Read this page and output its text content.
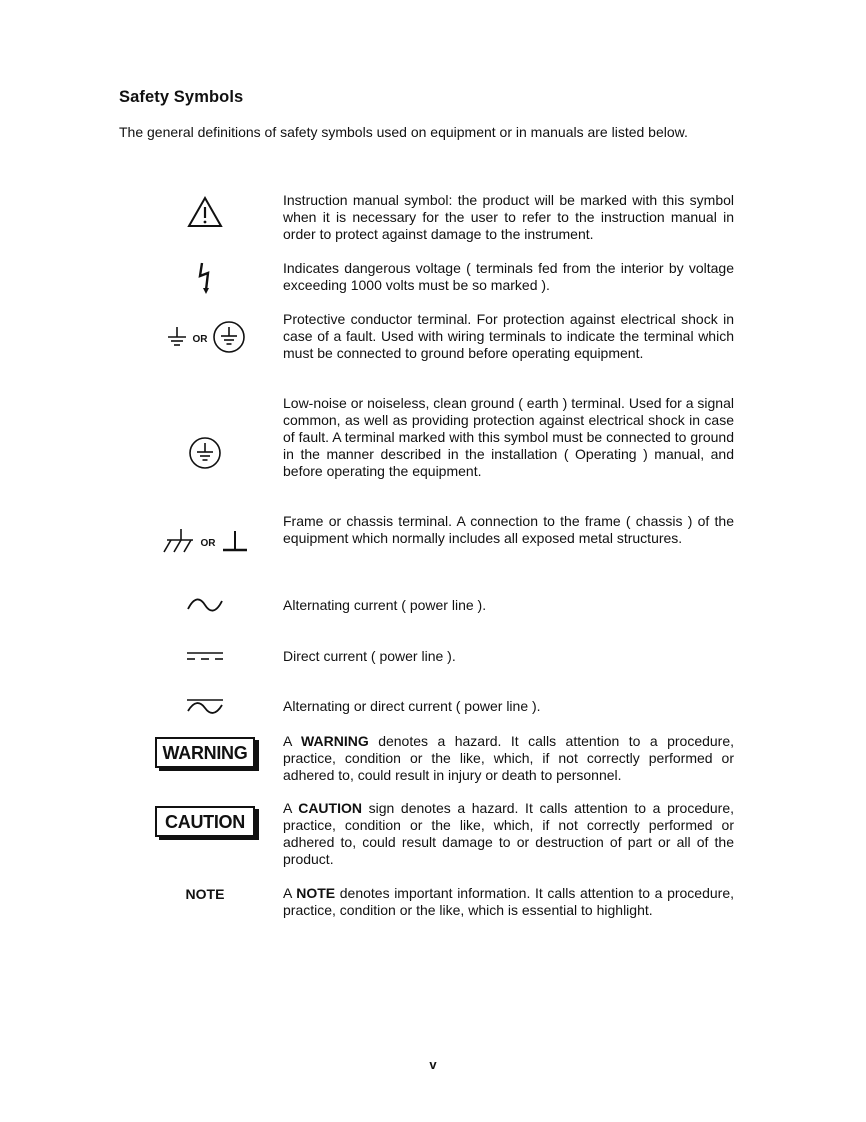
Safety Symbols

The general definitions of safety symbols used on equipment or in manuals are listed below.

Instruction manual symbol: the product will be marked with this symbol when it is necessary for the user to refer to the instruction manual in order to protect against damage to the instrument.

Indicates dangerous voltage ( terminals fed from the interior by voltage exceeding 1000 volts must be so marked ).

OR

Protective conductor terminal. For protection against electrical shock in case of a fault. Used with wiring terminals to indicate the terminal which must be connected to ground before operating equipment.

Low-noise or noiseless, clean ground ( earth ) terminal. Used for a signal common, as well as providing protection against electrical shock in case of fault. A terminal marked with this symbol must be connected to ground in the manner described in the installation ( Operating ) manual, and before operating the equipment.

OR

Frame or chassis terminal. A connection to the frame ( chassis ) of the equipment which normally includes all exposed metal structures.

Alternating current ( power line ).

Direct current ( power line ).

Alternating or direct current ( power line ).

WARNING

A WARNING denotes a hazard. It calls attention to a procedure, practice, condition or the like, which, if not correctly performed or adhered to, could result in injury or death to personnel.

CAUTION

A CAUTION sign denotes a hazard. It calls attention to a procedure, practice, condition or the like, which, if not correctly performed or adhered to, could result damage to or destruction of part or all of the product.

NOTE	A NOTE denotes important information. It calls attention to a procedure, practice, condition or the like, which is essential to highlight.

v
